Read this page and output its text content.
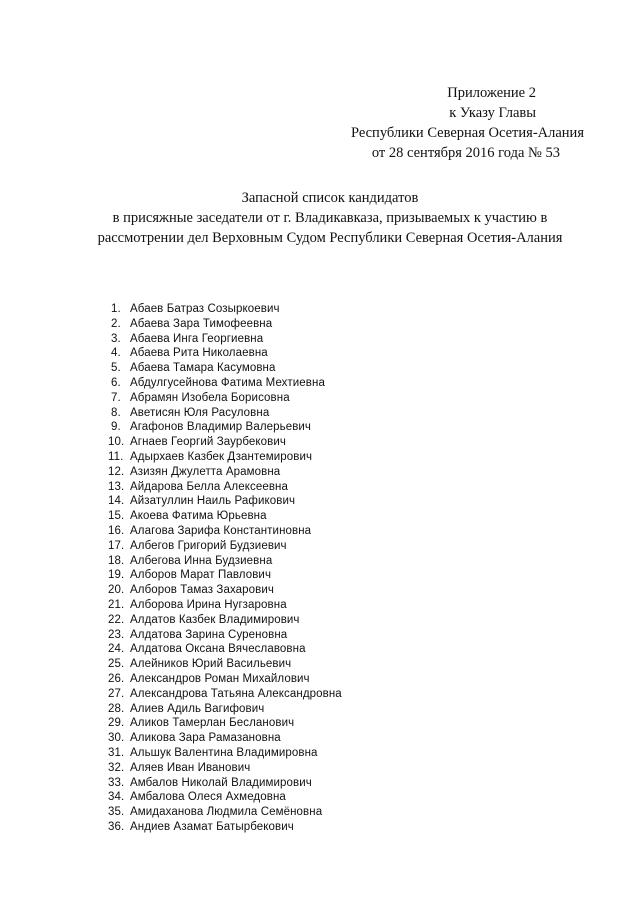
Приложение 2
к Указу Главы
Республики Северная Осетия-Алания
от 28 сентября 2016 года № 53
Запасной список кандидатов
в присяжные заседатели от г. Владикавказа, призываемых к участию в
рассмотрении дел Верховным Судом Республики Северная Осетия-Алания
1. Абаев Батраз Созыркоевич
2. Абаева Зара Тимофеевна
3. Абаева Инга Георгиевна
4. Абаева Рита Николаевна
5. Абаева Тамара Касумовна
6. Абдулгусейнова Фатима Мехтиевна
7. Абрамян Изобела Борисовна
8. Аветисян Юля Расуловна
9. Агафонов Владимир Валерьевич
10. Агнаев Георгий Заурбекович
11. Адырхаев Казбек Дзантемирович
12. Азизян Джулетта Арамовна
13. Айдарова Белла Алексеевна
14. Айзатуллин Наиль Рафикович
15. Акоева Фатима Юрьевна
16. Алагова Зарифа Константиновна
17. Албегов Григорий Будзиевич
18. Албегова Инна Будзиевна
19. Алборов Марат Павлович
20. Алборов Тамаз Захарович
21. Алборова Ирина Нугзаровна
22. Алдатов Казбек Владимирович
23. Алдатова Зарина Суреновна
24. Алдатова Оксана Вячеславовна
25. Алейников Юрий Васильевич
26. Александров Роман Михайлович
27. Александрова Татьяна Александровна
28. Алиев Адиль Вагифович
29. Аликов Тамерлан Бесланович
30. Аликова Зара Рамазановна
31. Альшук Валентина Владимировна
32. Аляев Иван Иванович
33. Амбалов Николай Владимирович
34. Амбалова Олеся Ахмедовна
35. Амидаханова Людмила Семёновна
36. Андиев Азамат Батырбекович
